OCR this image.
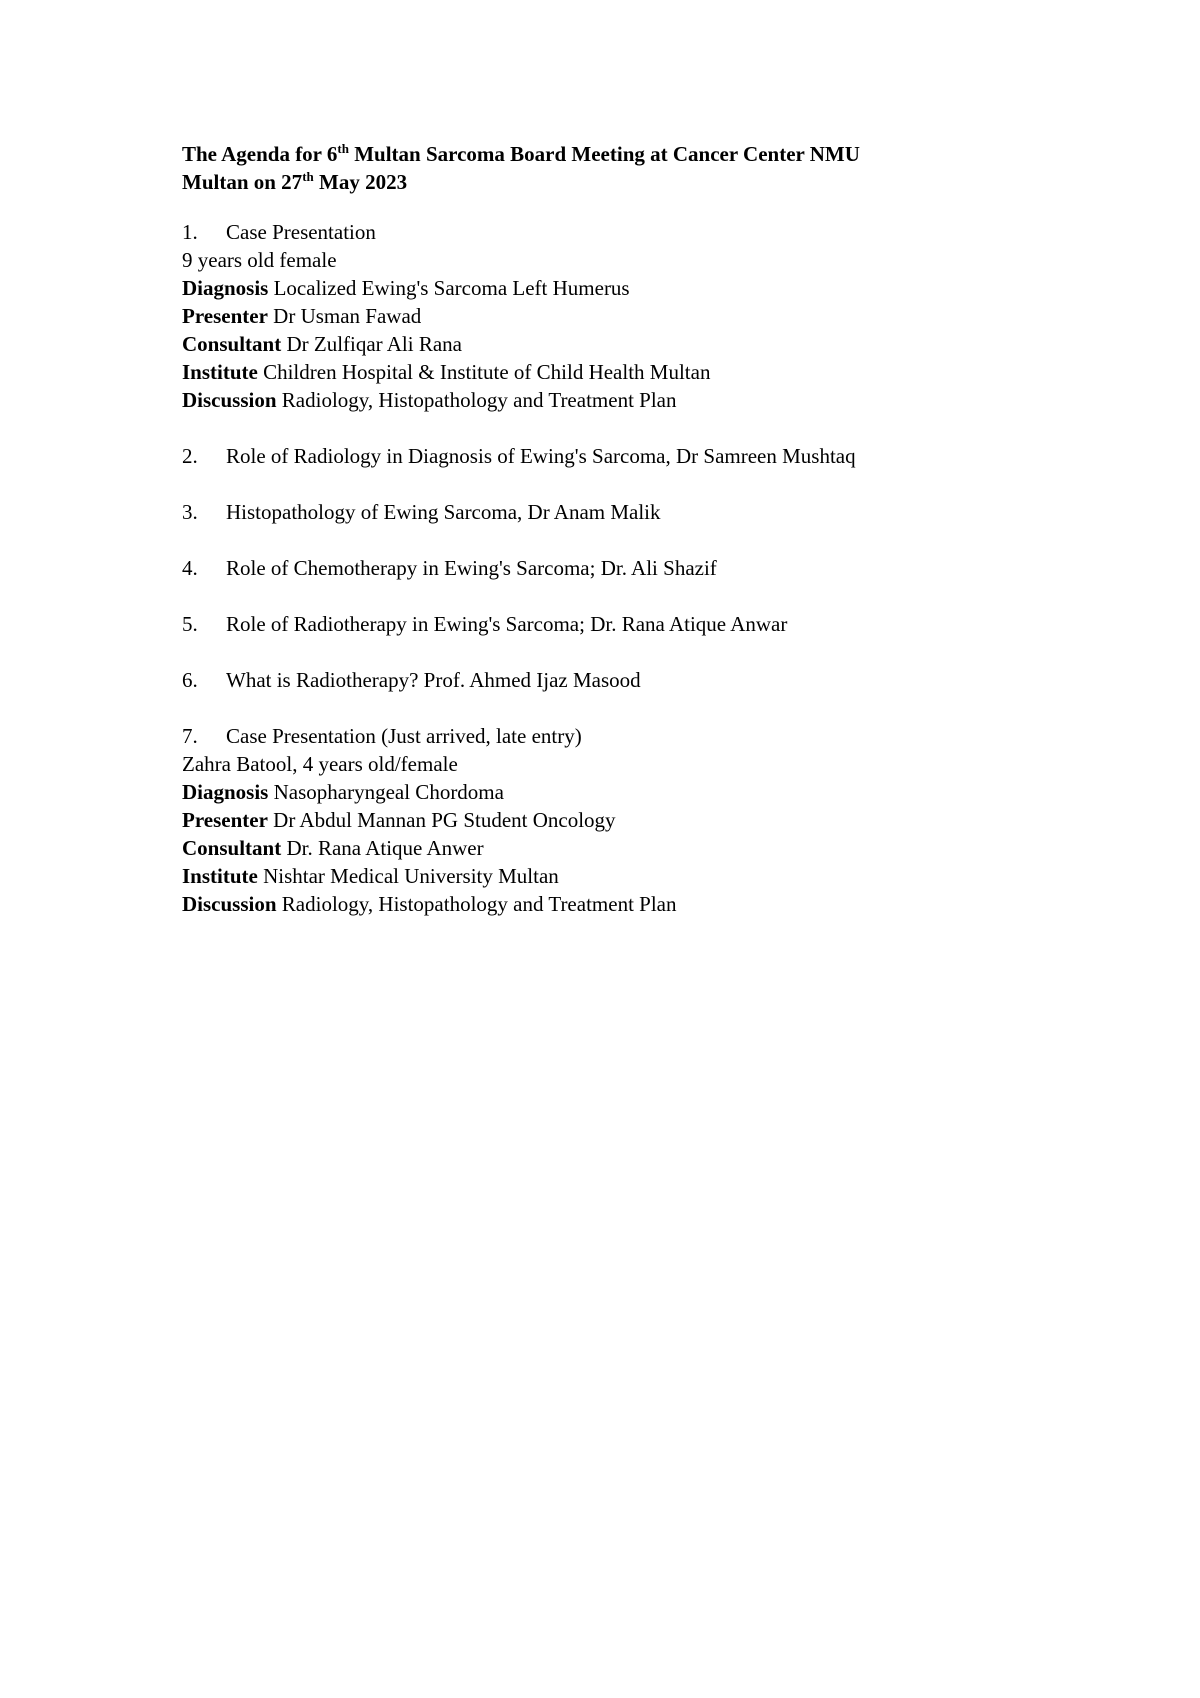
The Agenda for 6th Multan Sarcoma Board Meeting at Cancer Center NMU
Multan on 27th May 2023
1.	Case Presentation
9 years old female
Diagnosis Localized Ewing's Sarcoma Left Humerus
Presenter Dr Usman Fawad
Consultant Dr Zulfiqar Ali Rana
Institute Children Hospital & Institute of Child Health Multan
Discussion Radiology, Histopathology and Treatment Plan
2.	Role of Radiology in Diagnosis of Ewing's Sarcoma, Dr Samreen Mushtaq
3.	Histopathology of Ewing Sarcoma, Dr Anam Malik
4.	Role of Chemotherapy in Ewing's Sarcoma; Dr. Ali Shazif
5.	Role of Radiotherapy in Ewing's Sarcoma; Dr. Rana Atique Anwar
6.	What is Radiotherapy? Prof. Ahmed Ijaz Masood
7.	Case Presentation (Just arrived, late entry)
Zahra Batool, 4 years old/female
Diagnosis Nasopharyngeal Chordoma
Presenter Dr Abdul Mannan PG Student Oncology
Consultant Dr. Rana Atique Anwer
Institute Nishtar Medical University Multan
Discussion Radiology, Histopathology and Treatment Plan
